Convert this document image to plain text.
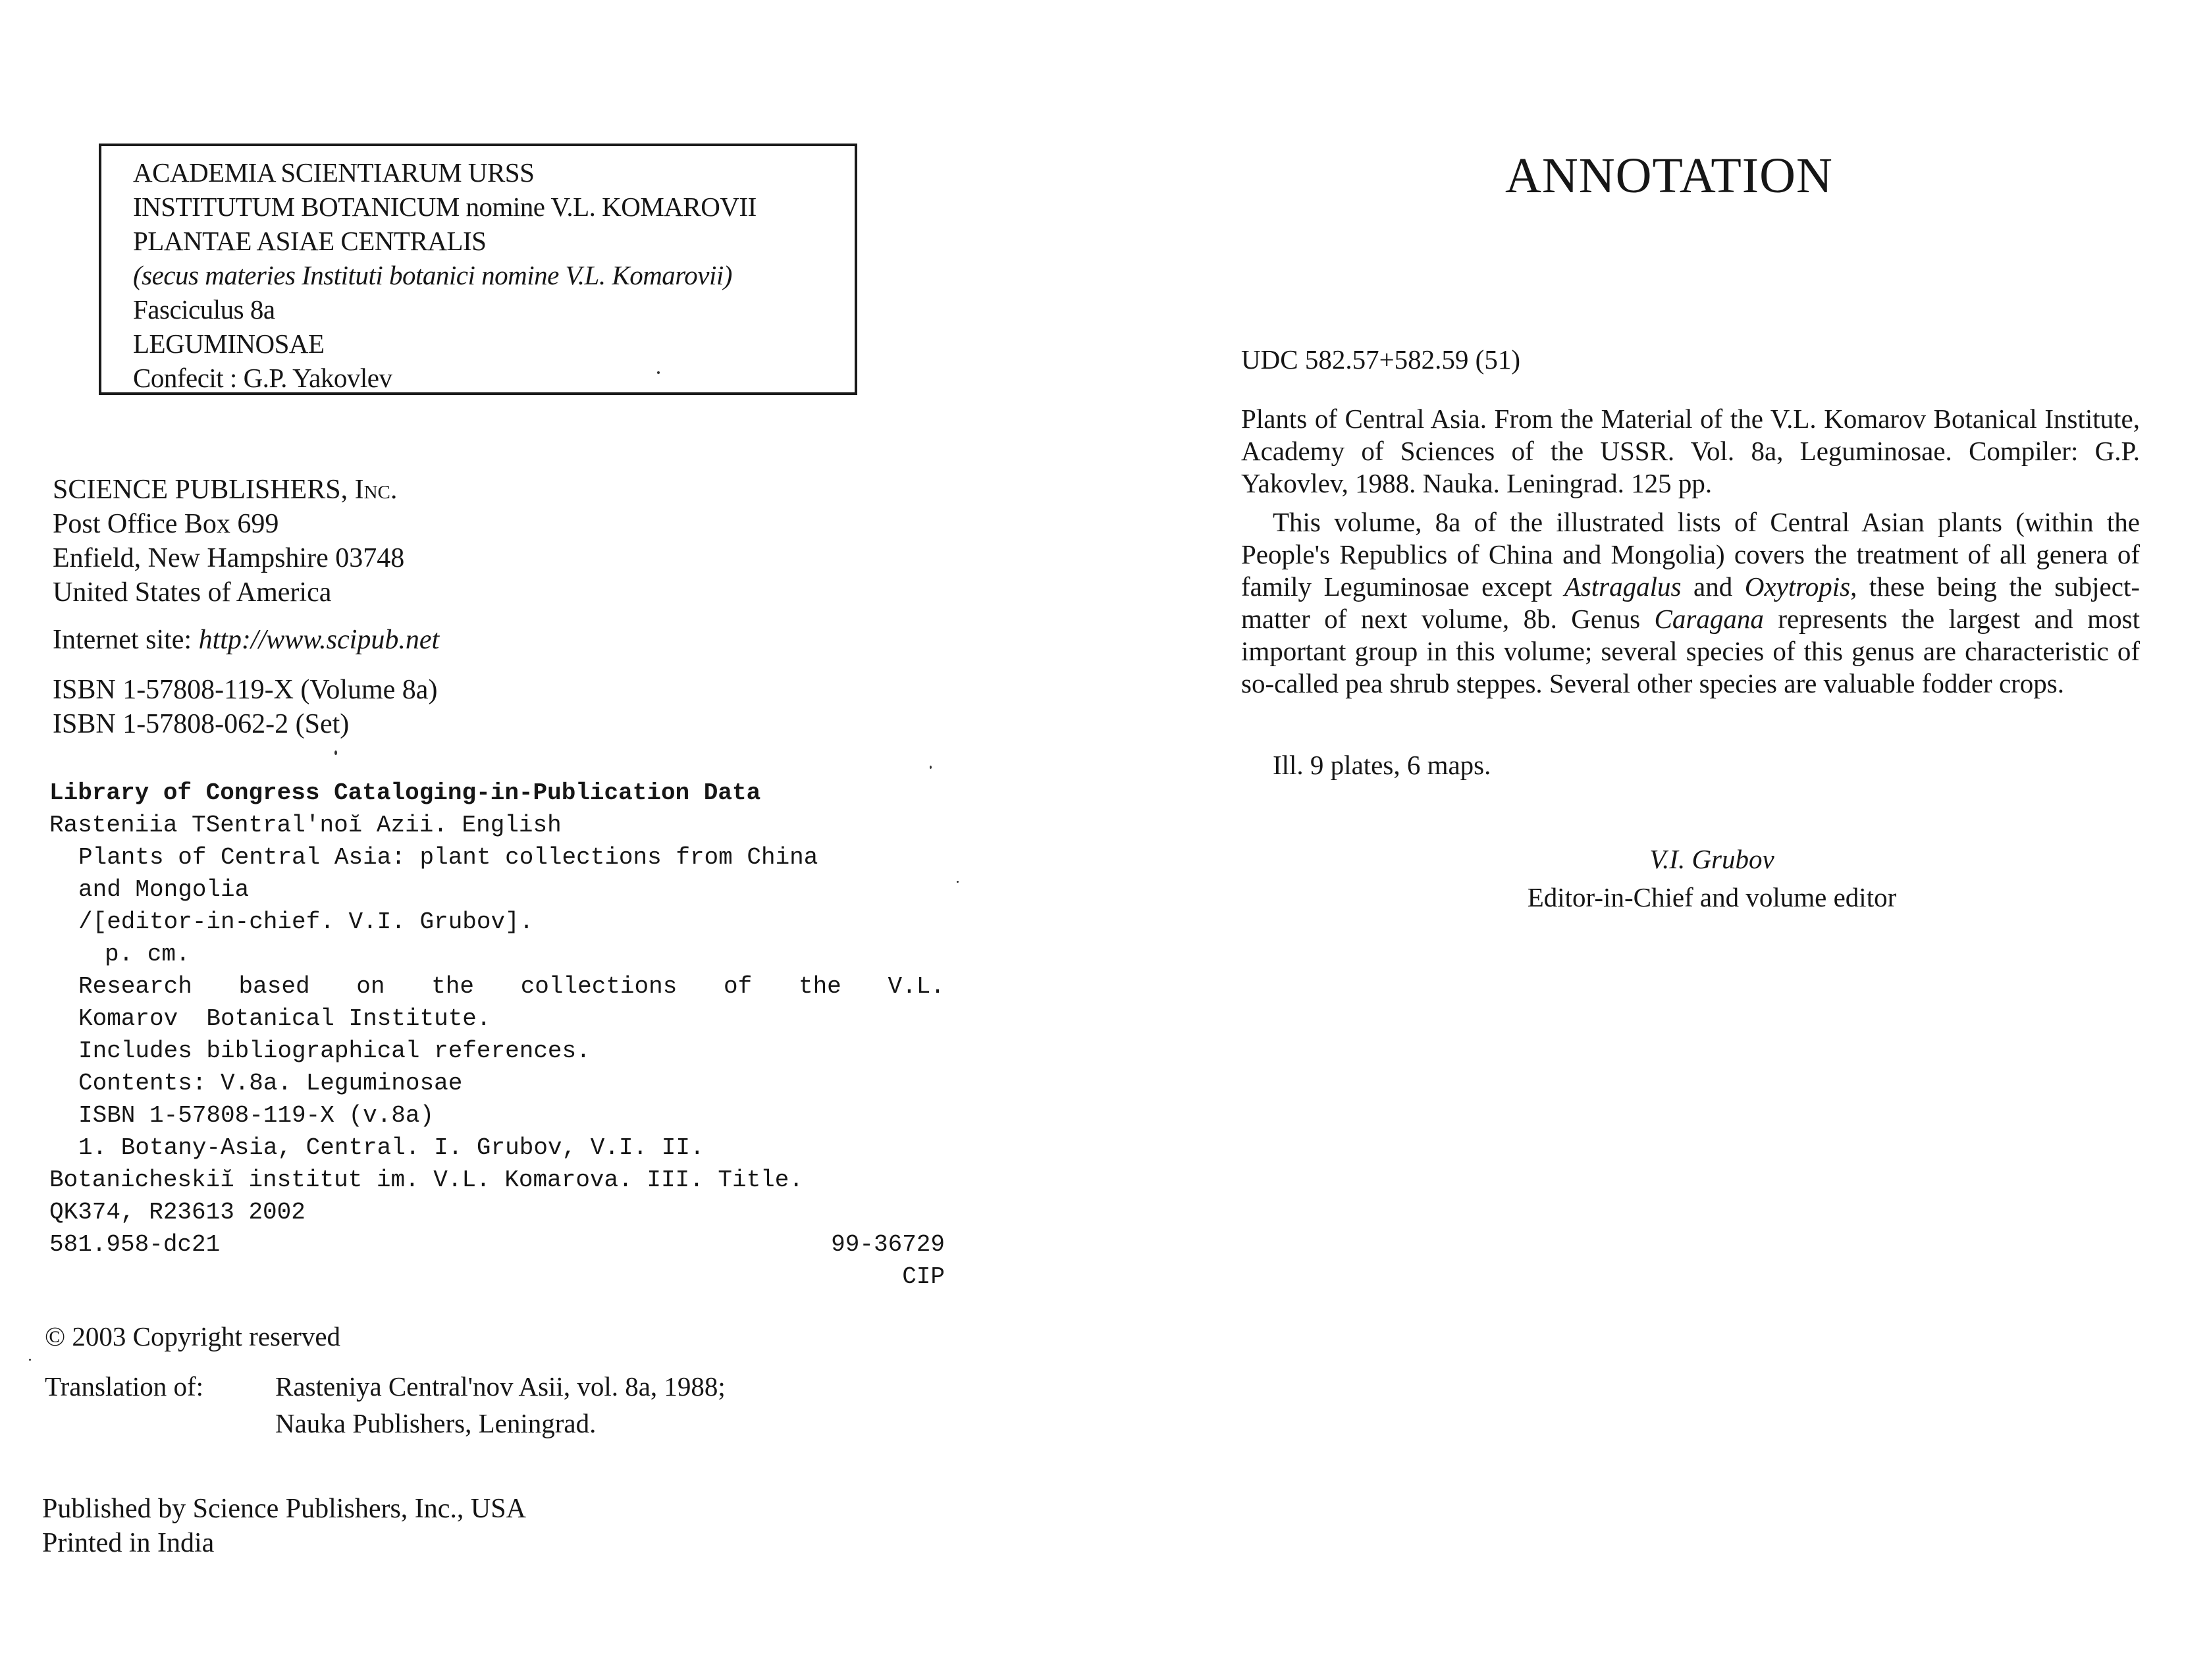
ACADEMIA SCIENTIARUM URSS
INSTITUTUM BOTANICUM nomine V.L. KOMAROVII
PLANTAE ASIAE CENTRALIS
(secus materies Instituti botanici nomine V.L. Komarovii)
Fasciculus 8a
LEGUMINOSAE
Confecit : G.P. Yakovlev
SCIENCE PUBLISHERS, Inc.
Post Office Box 699
Enfield, New Hampshire 03748
United States of America
Internet site: http://www.scipub.net
ISBN 1-57808-119-X (Volume 8a)
ISBN 1-57808-062-2 (Set)
Library of Congress Cataloging-in-Publication Data
Rasteniia TSentral'noĭ Azii. English
Plants of Central Asia: plant collections from China
and Mongolia
/[editor-in-chief. V.I. Grubov].
p. cm.
Research based on the collections of the V.L.
Komarov  Botanical Institute.
Includes bibliographical references.
Contents: V.8a. Leguminosae
ISBN 1-57808-119-X (v.8a)
1. Botany-Asia, Central. I. Grubov, V.I. II.
Botanicheskiĭ institut im. V.L. Komarova. III. Title.
QK374, R23613 2002
581.958-dc21	99-36729
CIP
© 2003 Copyright reserved
Translation of:	Rasteniya Central'nov Asii, vol. 8a, 1988;
Nauka Publishers, Leningrad.
Published by Science Publishers, Inc., USA
Printed in India
ANNOTATION
UDC 582.57+582.59 (51)

Plants of Central Asia. From the Material of the V.L. Komarov Botanical Institute, Academy of Sciences of the USSR. Vol. 8a, Leguminosae. Compiler: G.P. Yakovlev, 1988. Nauka. Leningrad. 125 pp.

This volume, 8a of the illustrated lists of Central Asian plants (within the People's Republics of China and Mongolia) covers the treatment of all genera of family Leguminosae except Astragalus and Oxytropis, these being the subject-matter of next volume, 8b. Genus Caragana represents the largest and most important group in this volume; several species of this genus are characteristic of so-called pea shrub steppes. Several other species are valuable fodder crops.

Ill. 9 plates, 6 maps.
V.I. Grubov
Editor-in-Chief and volume editor
